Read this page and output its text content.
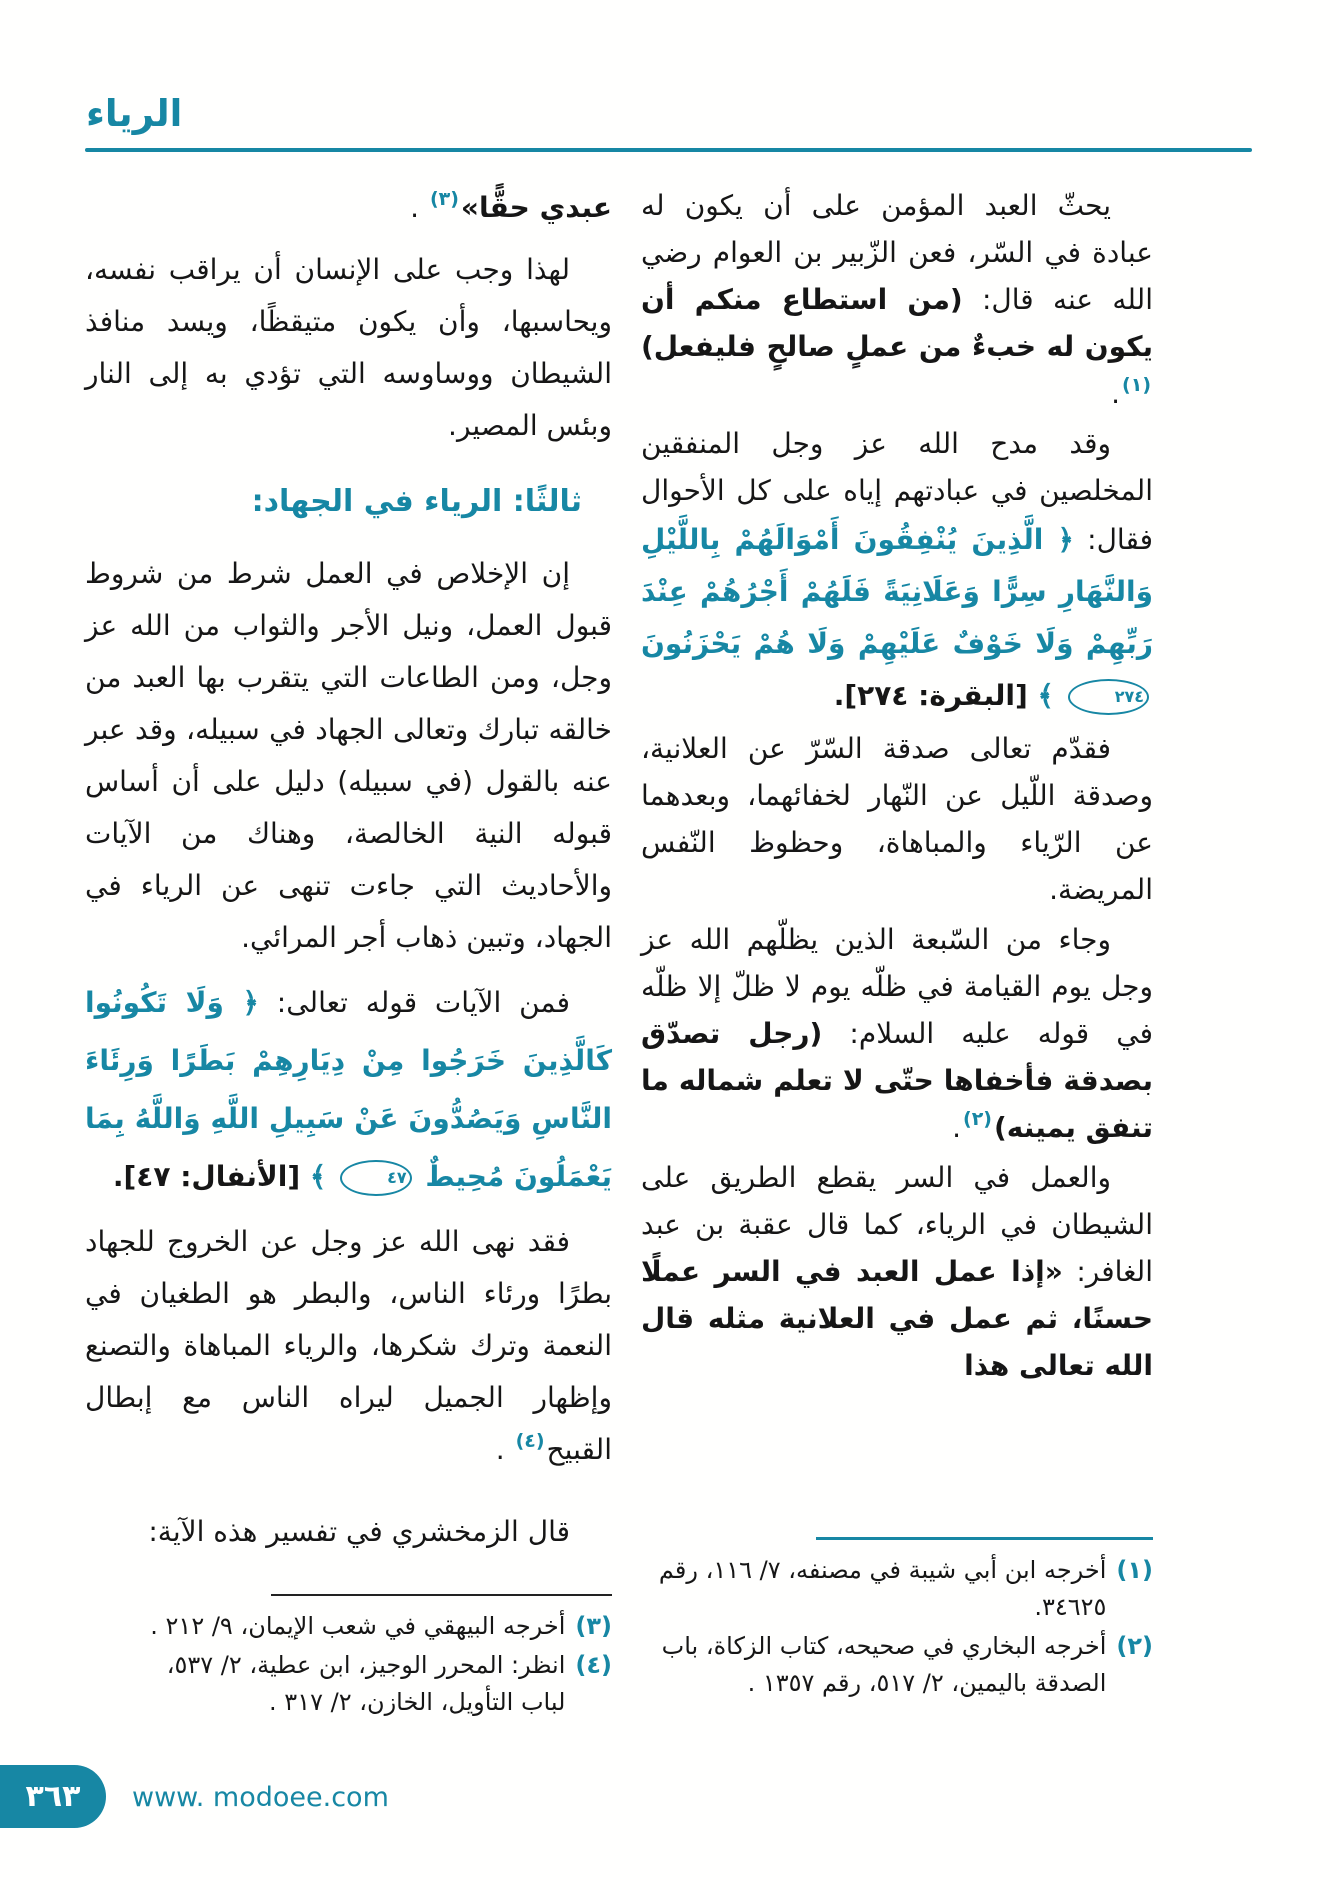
الرياء

يحثّ العبد المؤمن على أن يكون له عبادة في السّر، فعن الزّبير بن العوام رضي الله عنه قال: (من استطاع منكم أن يكون له خبءٌ من عملٍ صالحٍ فليفعل)$^{(١)}$.

وقد مدح الله عز وجل المنفقين المخلصين في عبادتهم إياه على كل الأحوال فقال: ﴿ الَّذِينَ يُنْفِقُونَ أَمْوَالَهُمْ بِاللَّيْلِ وَالنَّهَارِ سِرًّا وَعَلَانِيَةً فَلَهُمْ أَجْرُهُمْ عِنْدَ رَبِّهِمْ وَلَا خَوْفٌ عَلَيْهِمْ وَلَا هُمْ يَحْزَنُونَ ٢٧٤ ﴾ [البقرة: ٢٧٤].

فقدّم تعالى صدقة السّرّ عن العلانية، وصدقة اللّيل عن النّهار لخفائهما، وبعدهما عن الرّياء والمباهاة، وحظوظ النّفس المريضة.

وجاء من السّبعة الذين يظلّهم الله عز وجل يوم القيامة في ظلّه يوم لا ظلّ إلا ظلّه في قوله عليه السلام: (رجل تصدّق بصدقة فأخفاها حتّى لا تعلم شماله ما تنفق يمينه)$^{(٢)}$.

والعمل في السر يقطع الطريق على الشيطان في الرياء، كما قال عقبة بن عبد الغافر: «إذا عمل العبد في السر عملًا حسنًا، ثم عمل في العلانية مثله قال الله تعالى هذا

عبدي حقًّا»$^{(٣)}$ .

لهذا وجب على الإنسان أن يراقب نفسه، ويحاسبها، وأن يكون متيقظًا، ويسد منافذ الشيطان ووساوسه التي تؤدي به إلى النار وبئس المصير.

ثالثًا: الرياء في الجهاد:

إن الإخلاص في العمل شرط من شروط قبول العمل، ونيل الأجر والثواب من الله عز وجل، ومن الطاعات التي يتقرب بها العبد من خالقه تبارك وتعالى الجهاد في سبيله، وقد عبر عنه بالقول (في سبيله) دليل على أن أساس قبوله النية الخالصة، وهناك من الآيات والأحاديث التي جاءت تنهى عن الرياء في الجهاد، وتبين ذهاب أجر المرائي.

فمن الآيات قوله تعالى: ﴿ وَلَا تَكُونُوا كَالَّذِينَ خَرَجُوا مِنْ دِيَارِهِمْ بَطَرًا وَرِئَاءَ النَّاسِ وَيَصُدُّونَ عَنْ سَبِيلِ اللَّهِ وَاللَّهُ بِمَا يَعْمَلُونَ مُحِيطٌ ٤٧ ﴾ [الأنفال: ٤٧].

فقد نهى الله عز وجل عن الخروج للجهاد بطرًا ورئاء الناس، والبطر هو الطغيان في النعمة وترك شكرها، والرياء المباهاة والتصنع وإظهار الجميل ليراه الناس مع إبطال القبيح$^{(٤)}$ .

قال الزمخشري في تفسير هذه الآية:

(١)
أخرجه ابن أبي شيبة في مصنفه، ٧/ ١١٦، رقم ٣٤٦٢٥.
(٢)
أخرجه البخاري في صحيحه، كتاب الزكاة، باب الصدقة باليمين، ٢/ ٥١٧، رقم ١٣٥٧ .
(٣)
أخرجه البيهقي في شعب الإيمان، ٩/ ٢١٢ .
(٤)
انظر: المحرر الوجيز، ابن عطية، ٢/ ٥٣٧، لباب التأويل، الخازن، ٢/ ٣١٧ .
٣٦٣ www. modoee.com
